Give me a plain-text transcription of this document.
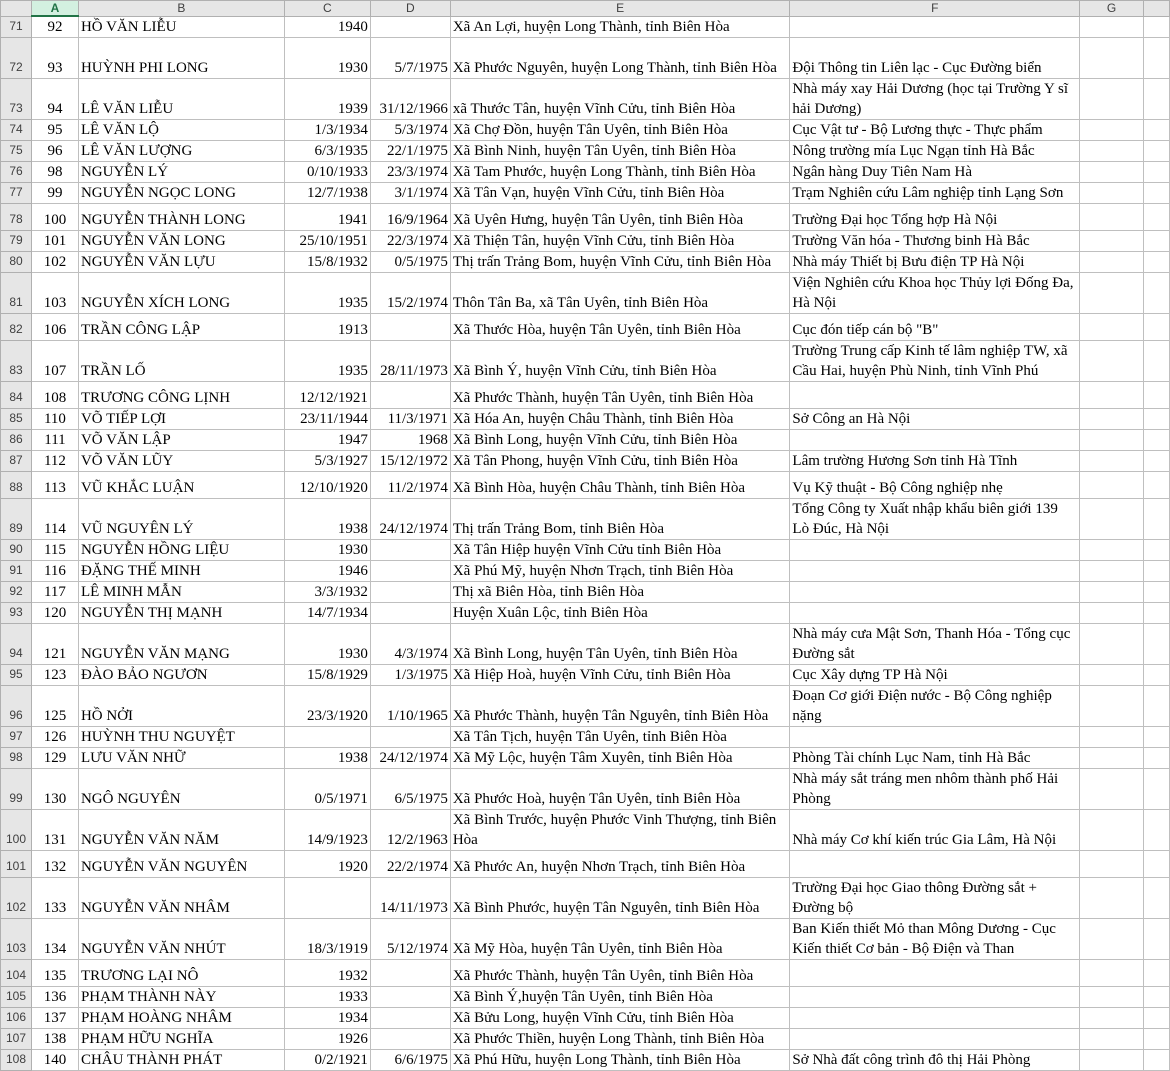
	A	B	C	D	E	F	G	
71	92	HỒ VĂN LIỄU	1940		Xã An Lợi, huyện Long Thành, tỉnh Biên Hòa			
72	93	HUỲNH PHI LONG	1930	5/7/1975	Xã Phước Nguyên, huyện Long Thành, tỉnh Biên Hòa	Đội Thông tin Liên lạc - Cục Đường biển		
73	94	LÊ VĂN LIỄU	1939	31/12/1966	xã Thước Tân, huyện Vĩnh Cửu, tỉnh Biên Hòa	Nhà máy xay Hải Dương (học tại Trường Y sĩ hải Dương)		
74	95	LÊ VĂN LỘ	1/3/1934	5/3/1974	Xã Chợ Đồn, huyện Tân Uyên, tỉnh Biên Hòa	Cục Vật tư - Bộ Lương thực - Thực phẩm		
75	96	LÊ VĂN LƯỢNG	6/3/1935	22/1/1975	Xã Bình Ninh, huyện Tân Uyên, tỉnh Biên Hòa	Nông trường mía Lục Ngạn tỉnh Hà Bắc		
76	98	NGUYỄN LÝ	0/10/1933	23/3/1974	Xã Tam Phước, huyện Long Thành, tỉnh Biên Hòa	Ngân hàng Duy Tiên Nam Hà		
77	99	NGUYỄN NGỌC LONG	12/7/1938	3/1/1974	Xã Tân Vạn, huyện Vĩnh Cửu, tỉnh Biên Hòa	Trạm Nghiên cứu Lâm nghiệp tỉnh Lạng Sơn		
78	100	NGUYỄN THÀNH LONG	1941	16/9/1964	Xã Uyên Hưng, huyện Tân Uyên, tỉnh Biên Hòa	Trường Đại học Tổng hợp Hà Nội		
79	101	NGUYỄN VĂN LONG	25/10/1951	22/3/1974	Xã Thiện Tân, huyện Vĩnh Cửu, tỉnh Biên Hòa	Trường Văn hóa - Thương binh Hà Bắc		
80	102	NGUYỄN VĂN LỰU	15/8/1932	0/5/1975	Thị trấn Trảng Bom, huyện Vĩnh Cửu, tỉnh Biên Hòa	Nhà máy Thiết bị Bưu điện TP Hà Nội		
81	103	NGUYỄN XÍCH LONG	1935	15/2/1974	Thôn Tân Ba, xã Tân Uyên, tỉnh Biên Hòa	Viện Nghiên cứu Khoa học Thủy lợi Đống Đa, Hà Nội		
82	106	TRẦN CÔNG LẬP	1913		Xã Thước Hòa, huyện Tân Uyên, tỉnh Biên Hòa	Cục đón tiếp cán bộ "B"		
83	107	TRẦN LỐ	1935	28/11/1973	Xã Bình Ý, huyện Vĩnh Cửu, tỉnh Biên Hòa	Trường Trung cấp Kinh tế lâm nghiệp TW, xã Cầu Hai, huyện Phù Ninh, tỉnh Vĩnh Phú		
84	108	TRƯƠNG CÔNG LỊNH	12/12/1921		Xã Phước Thành, huyện Tân Uyên, tỉnh Biên Hòa			
85	110	VÕ TIẾP LỢI	23/11/1944	11/3/1971	Xã Hóa An, huyện Châu Thành, tỉnh Biên Hòa	Sở Công an Hà Nội		
86	111	VÕ VĂN LẬP	1947	1968	Xã Bình Long, huyện Vĩnh Cửu, tỉnh Biên Hòa			
87	112	VÕ VĂN LŨY	5/3/1927	15/12/1972	Xã Tân Phong, huyện Vĩnh Cửu, tỉnh Biên Hòa	Lâm trường Hương Sơn tỉnh Hà Tĩnh		
88	113	VŨ KHẮC LUẬN	12/10/1920	11/2/1974	Xã Bình Hòa, huyện Châu Thành, tỉnh Biên Hòa	Vụ Kỹ thuật - Bộ Công nghiệp nhẹ		
89	114	VŨ NGUYÊN LÝ	1938	24/12/1974	Thị trấn Trảng Bom, tỉnh Biên Hòa	Tổng Công ty Xuất nhập khẩu biên giới 139 Lò Đúc, Hà Nội		
90	115	NGUYỄN HỒNG LIỆU	1930		Xã Tân Hiệp huyện Vĩnh Cửu tỉnh Biên Hòa			
91	116	ĐẶNG THẾ MINH	1946		Xã Phú Mỹ, huyện Nhơn Trạch, tỉnh Biên Hòa			
92	117	LÊ MINH MẪN	3/3/1932		Thị xã Biên Hòa, tỉnh Biên Hòa			
93	120	NGUYỄN THỊ MẠNH	14/7/1934		Huyện Xuân Lộc, tỉnh Biên Hòa			
94	121	NGUYỄN VĂN MẠNG	1930	4/3/1974	Xã Bình Long, huyện Tân Uyên, tỉnh Biên Hòa	Nhà máy cưa Mật Sơn, Thanh Hóa - Tổng cục Đường sắt		
95	123	ĐÀO BẢO NGƯƠN	15/8/1929	1/3/1975	Xã Hiệp Hoà, huyện Vĩnh Cửu, tỉnh Biên Hòa	Cục Xây dựng TP Hà Nội		
96	125	HỒ NỞI	23/3/1920	1/10/1965	Xã Phước Thành, huyện Tân Nguyên, tỉnh Biên Hòa	Đoạn Cơ giới Điện nước - Bộ Công nghiệp nặng		
97	126	HUỲNH THU NGUYỆT			Xã Tân Tịch, huyện Tân Uyên, tỉnh Biên Hòa			
98	129	LƯU VĂN NHỮ	1938	24/12/1974	Xã Mỹ Lộc, huyện Tâm Xuyên, tỉnh Biên Hòa	Phòng Tài chính Lục Nam, tỉnh Hà Bắc		
99	130	NGÔ NGUYÊN	0/5/1971	6/5/1975	Xã Phước Hoà, huyện Tân Uyên, tỉnh Biên Hòa	Nhà máy sắt tráng men nhôm thành phố Hải Phòng		
100	131	NGUYỄN VĂN NĂM	14/9/1923	12/2/1963	Xã Bình Trước, huyện Phước Vinh Thượng, tỉnh Biên Hòa	Nhà máy Cơ khí kiến trúc Gia Lâm, Hà Nội		
101	132	NGUYỄN VĂN NGUYÊN	1920	22/2/1974	Xã Phước An, huyện Nhơn Trạch, tỉnh Biên Hòa			
102	133	NGUYỄN VĂN NHÂM		14/11/1973	Xã Bình Phước, huyện Tân Nguyên, tỉnh Biên Hòa	Trường Đại học Giao thông Đường sắt + Đường bộ		
103	134	NGUYỄN VĂN NHÚT	18/3/1919	5/12/1974	Xã Mỹ Hòa, huyện Tân Uyên, tỉnh Biên Hòa	Ban Kiến thiết Mỏ than Mông Dương - Cục Kiến thiết Cơ bản - Bộ Điện và Than		
104	135	TRƯƠNG LẠI NÔ	1932		Xã Phước Thành, huyện Tân Uyên, tỉnh Biên Hòa			
105	136	PHẠM THÀNH NÀY	1933		Xã Bình Ý,huyện Tân Uyên, tỉnh Biên Hòa			
106	137	PHẠM HOÀNG NHÂM	1934		Xã Bửu Long, huyện Vĩnh Cửu, tỉnh Biên Hòa			
107	138	PHẠM HỮU NGHĨA	1926		Xã Phước Thiền, huyện Long Thành, tỉnh Biên Hòa			
108	140	CHÂU THÀNH PHÁT	0/2/1921	6/6/1975	Xã Phú Hữu, huyện Long Thành, tỉnh Biên Hòa	Sở Nhà đất công trình đô thị Hải Phòng		
